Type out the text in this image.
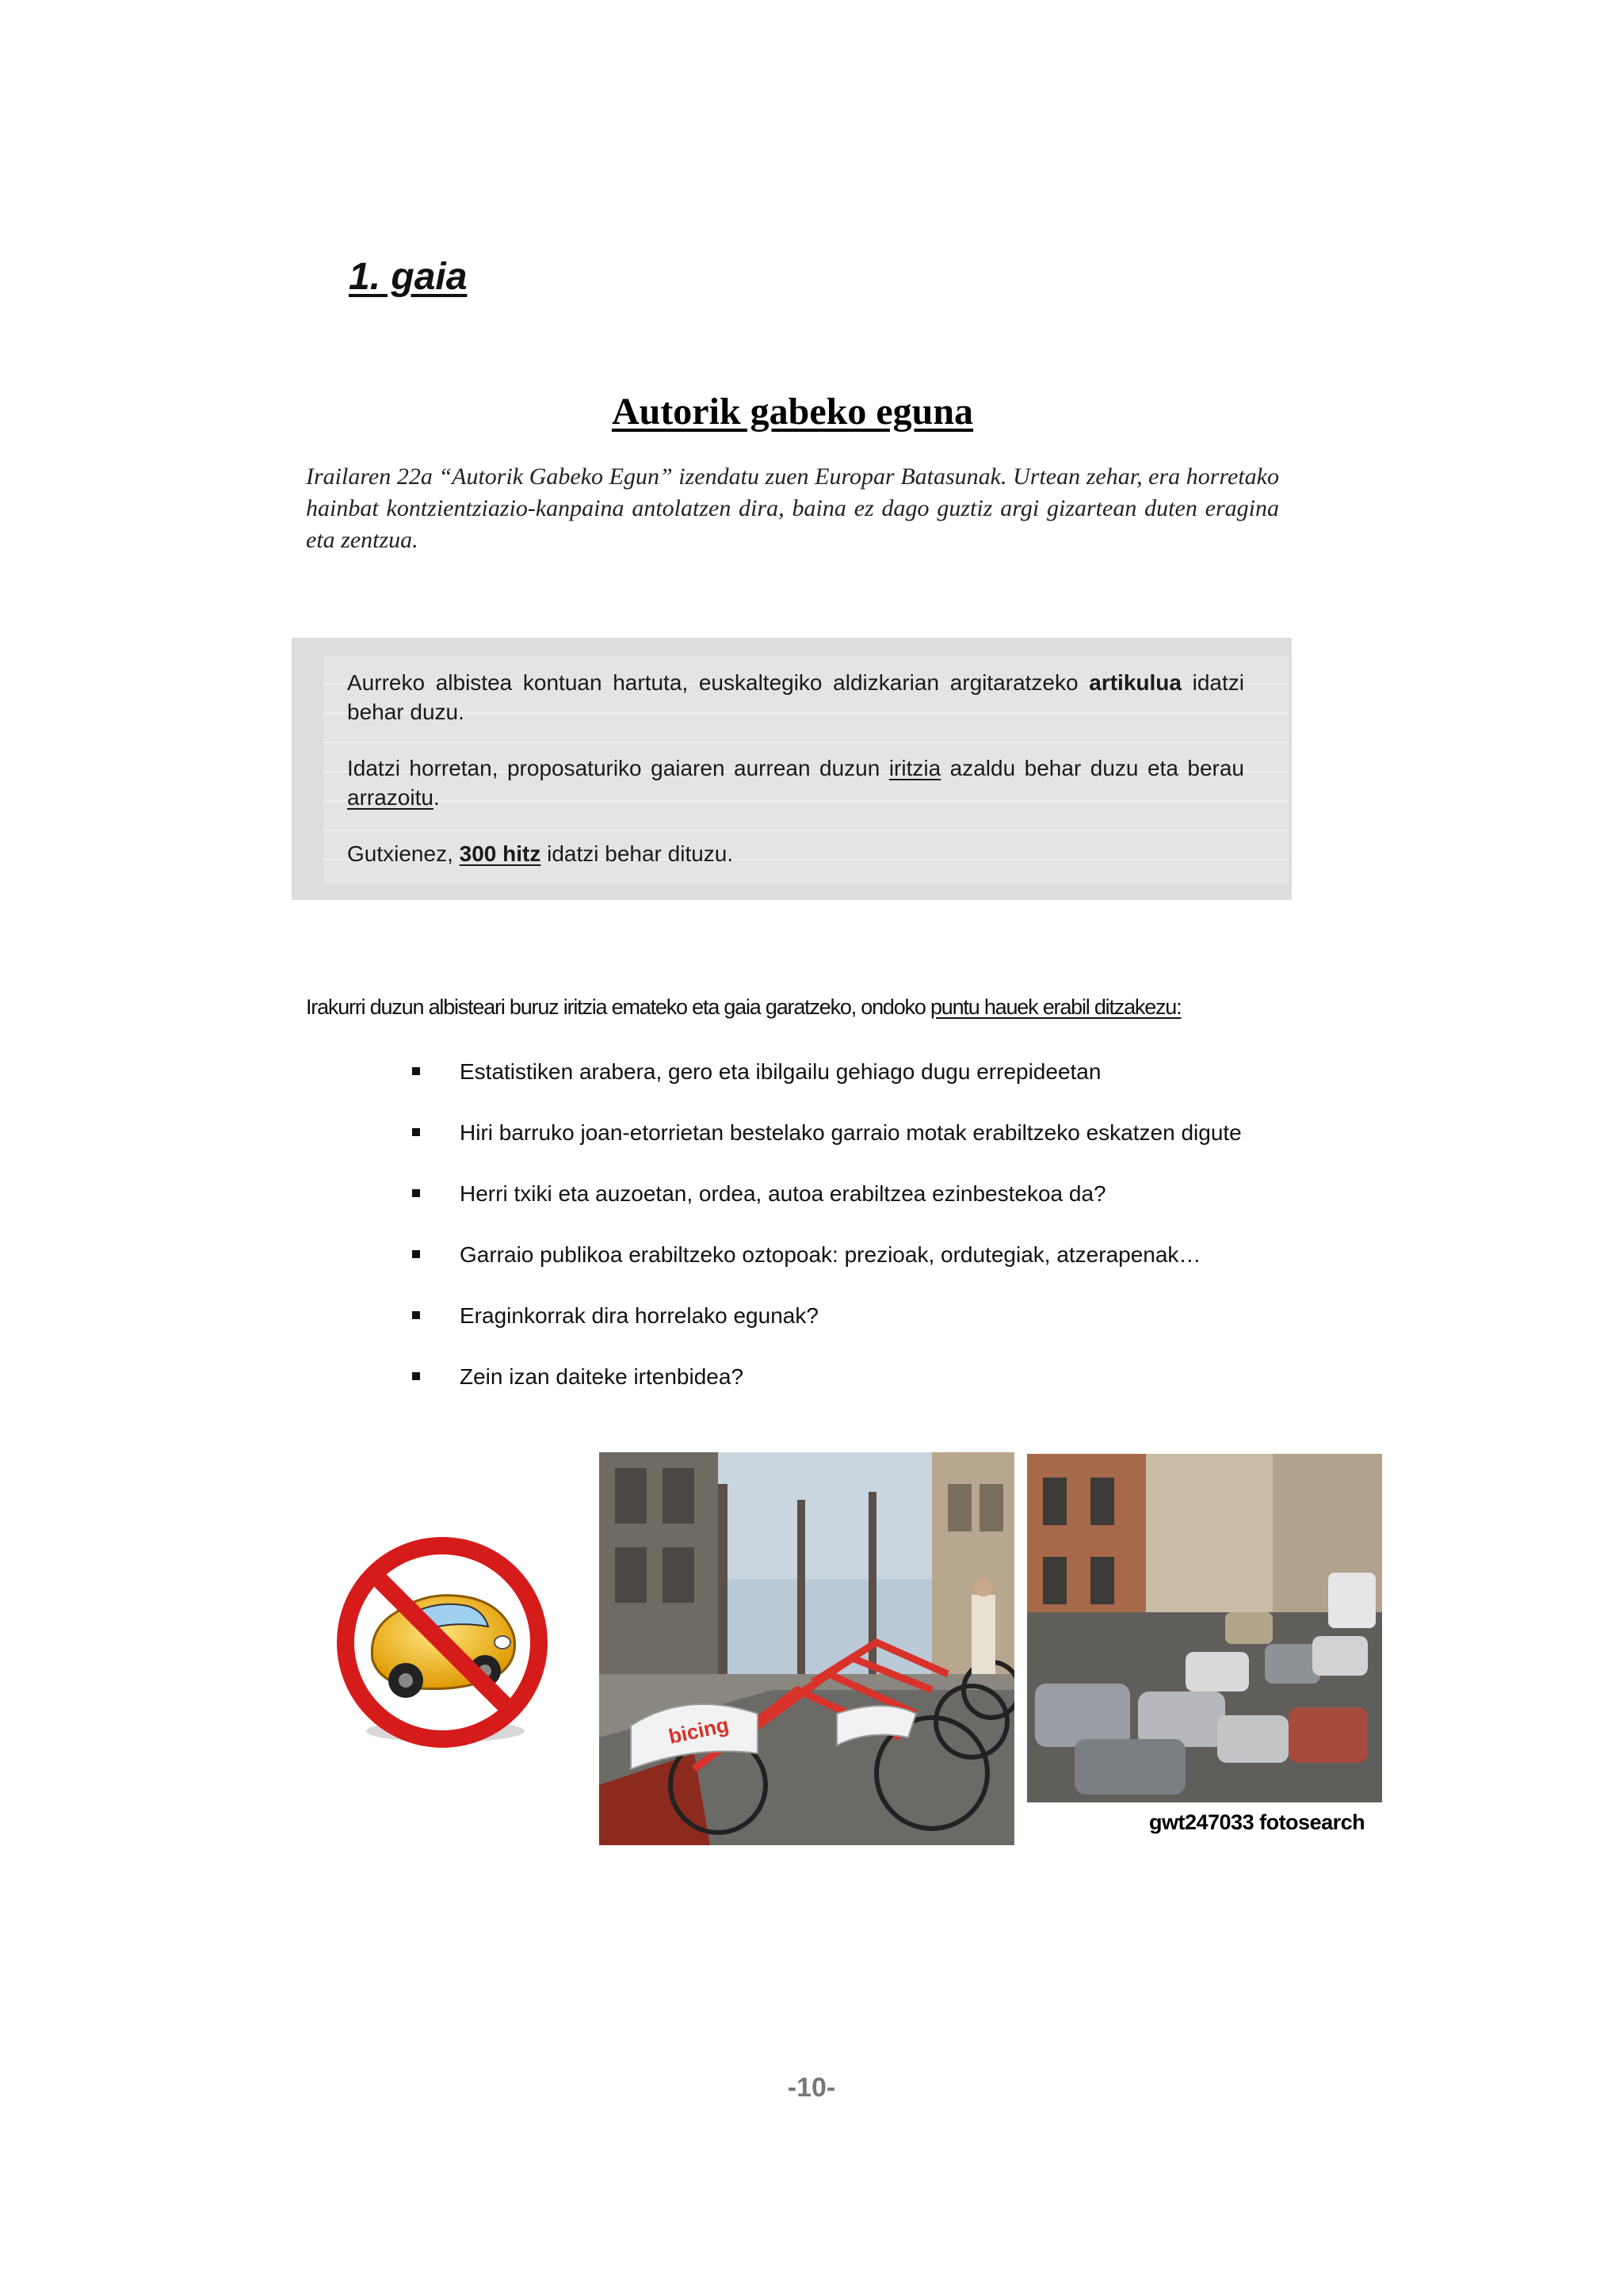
1. gaia
Autorik gabeko eguna
Irailaren 22a “Autorik Gabeko Egun” izendatu zuen Europar Batasunak. Urtean zehar, era horretako hainbat kontzientziazio-kanpaina antolatzen dira, baina ez dago guztiz argi gizartean duten eragina eta zentzua.
Aurreko albistea kontuan hartuta, euskaltegiko aldizkarian argitaratzeko artikulua idatzi behar duzu.
Idatzi horretan, proposaturiko gaiaren aurrean duzun iritzia azaldu behar duzu eta berau arrazoitu.
Gutxienez, 300 hitz idatzi behar dituzu.
Irakurri duzun albisteari buruz iritzia emateko eta gaia garatzeko, ondoko puntu hauek erabil ditzakezu:
Estatistiken arabera, gero eta ibilgailu gehiago dugu errepideetan
Hiri barruko joan-etorrietan bestelako garraio motak erabiltzeko eskatzen digute
Herri txiki eta auzoetan, ordea, autoa erabiltzea ezinbestekoa da?
Garraio publikoa erabiltzeko oztopoak: prezioak, ordutegiak, atzerapenak…
Eraginkorrak dira horrelako egunak?
Zein izan daiteke irtenbidea?
bicing
gwt247033 fotosearch
-10-
